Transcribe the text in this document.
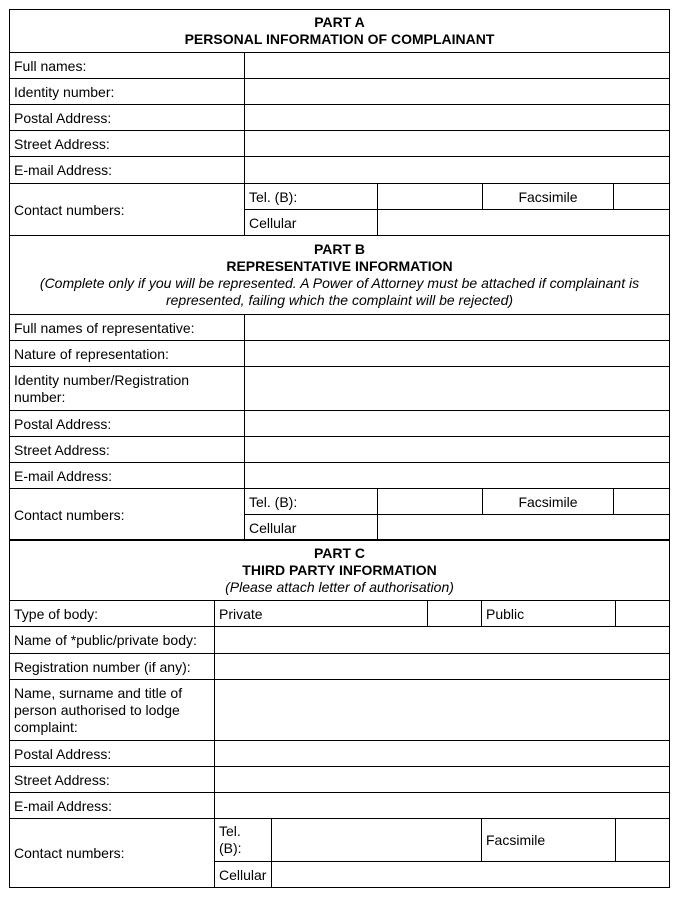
PART A
PERSONAL INFORMATION OF COMPLAINANT				

Full names:				
Identity number:				
Postal Address:				
Street Address:				
E-mail Address:				
Contact numbers:	Tel. (B):		Facsimile	
	Cellular			
PART B
REPRESENTATIVE INFORMATION
(Complete only if you will be represented. A Power of Attorney must be attached if complainant is
represented, failing which the complaint will be rejected)				

Full names of representative:				
Nature of representation:				
Identity number/Registration number:				
Postal Address:				
Street Address:				
E-mail Address:				
Contact numbers:	Tel. (B):		Facsimile	
	Cellular			
PART C
THIRD PARTY INFORMATION
(Please attach letter of authorisation)					

Type of body:	Private			Public	
Name of *public/private body:					
Registration number (if any):					
Name, surname and title of person authorised to lodge complaint:					
Postal Address:					
Street Address:					
E-mail Address:					
Contact numbers:	Tel. (B):			Facsimile	
	Cellular				
